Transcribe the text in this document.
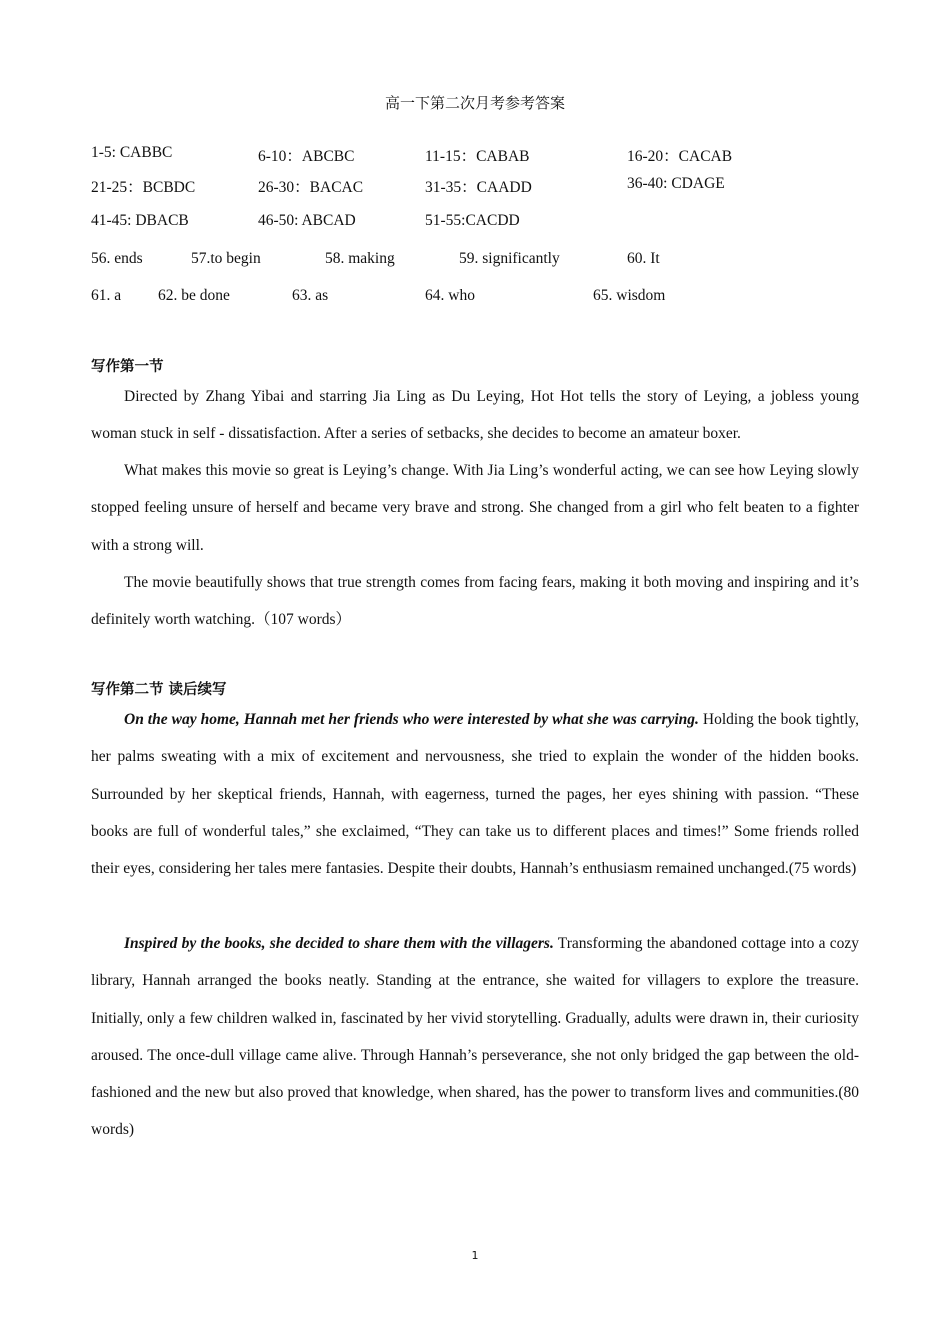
高一下第二次月考参考答案
1-5: CABBC	6-10：ABCBC	11-15：CABAB	16-20：CACAB
21-25：BCBDC	26-30：BACAC	31-35：CAADD	36-40: CDAGE
41-45: DBACB	46-50: ABCAD	51-55:CACDD
56. ends	57.to begin	58. making	59. significantly	60. It
61. a 62. be done	63. as	64. who	65. wisdom
写作第一节

Directed by Zhang Yibai and starring Jia Ling as Du Leying, Hot Hot tells the story of Leying, a jobless young woman stuck in self - dissatisfaction. After a series of setbacks, she decides to become an amateur boxer.

What makes this movie so great is Leying’s change. With Jia Ling’s wonderful acting, we can see how Leying slowly stopped feeling unsure of herself and became very brave and strong. She changed from a girl who felt beaten to a fighter with a strong will.

The movie beautifully shows that true strength comes from facing fears, making it both moving and inspiring and it’s definitely worth watching.（107 words）

写作第二节 读后续写

On the way home, Hannah met her friends who were interested by what she was carrying. Holding the book tightly, her palms sweating with a mix of excitement and nervousness, she tried to explain the wonder of the hidden books. Surrounded by her skeptical friends, Hannah, with eagerness, turned the pages, her eyes shining with passion. “These books are full of wonderful tales,” she exclaimed, “They can take us to different places and times!” Some friends rolled their eyes, considering her tales mere fantasies. Despite their doubts, Hannah’s enthusiasm remained unchanged.(75 words)

Inspired by the books, she decided to share them with the villagers. Transforming the abandoned cottage into a cozy library, Hannah arranged the books neatly. Standing at the entrance, she waited for villagers to explore the treasure. Initially, only a few children walked in, fascinated by her vivid storytelling. Gradually, adults were drawn in, their curiosity aroused. The once-dull village came alive. Through Hannah’s perseverance, she not only bridged the gap between the old-fashioned and the new but also proved that knowledge, when shared, has the power to transform lives and communities.(80 words)

1
